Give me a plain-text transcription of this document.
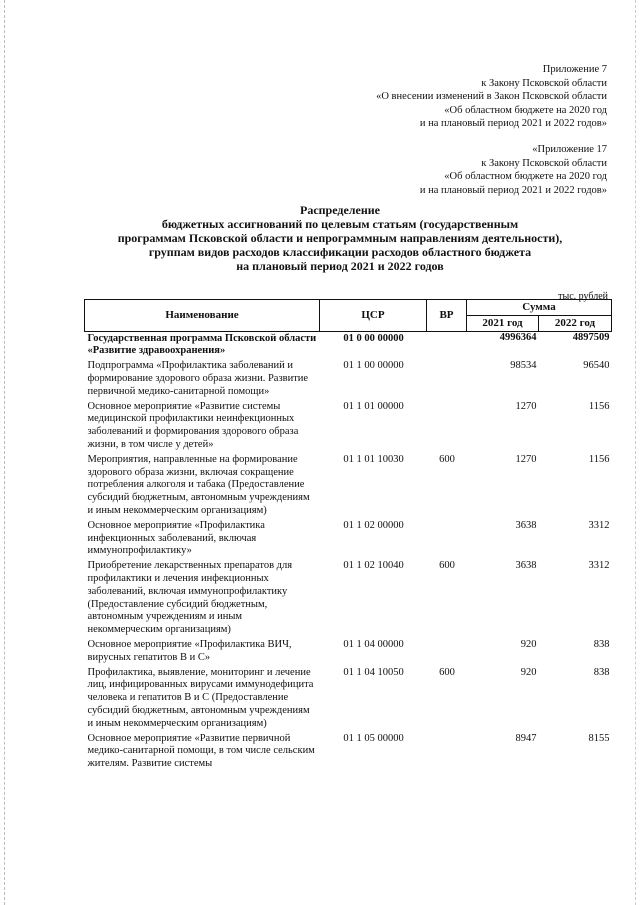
Приложение 7
к Закону Псковской области
«О внесении изменений в Закон Псковской области
«Об областном бюджете на 2020 год
и на плановый период 2021 и 2022 годов»
«Приложение 17
к Закону Псковской области
«Об областном бюджете на 2020 год
и на плановый период 2021 и 2022 годов»
Распределение
бюджетных ассигнований по целевым статьям (государственным
программам Псковской области и непрограммным направлениям деятельности),
группам видов расходов классификации расходов областного бюджета
на плановый период 2021 и 2022 годов
тыс. рублей
Наименование	ЦСР	ВР	Сумма	
			2021 год	2022 год
Государственная программа Псковской области «Развитие здравоохранения»	01 0 00 00000		4996364	4897509
Подпрограмма «Профилактика заболеваний и формирование здорового образа жизни. Развитие первичной медико-санитарной помощи»	01 1 00 00000		98534	96540
Основное мероприятие «Развитие системы медицинской профилактики неинфекционных заболеваний и формирования здорового образа жизни, в том числе у детей»	01 1 01 00000		1270	1156
Мероприятия, направленные на формирование здорового образа жизни, включая сокращение потребления алкоголя и табака (Предоставление субсидий бюджетным, автономным учреждениям и иным некоммерческим организациям)	01 1 01 10030	600	1270	1156
Основное мероприятие «Профилактика инфекционных заболеваний, включая иммунопрофилактику»	01 1 02 00000		3638	3312
Приобретение лекарственных препаратов для профилактики и лечения инфекционных заболеваний, включая иммунопрофилактику (Предоставление субсидий бюджетным, автономным учреждениям и иным некоммерческим организациям)	01 1 02 10040	600	3638	3312
Основное мероприятие «Профилактика ВИЧ, вирусных гепатитов В и С»	01 1 04 00000		920	838
Профилактика, выявление, мониторинг и лечение лиц, инфицированных вирусами иммунодефицита человека и гепатитов В и С (Предоставление субсидий бюджетным, автономным учреждениям и иным некоммерческим организациям)	01 1 04 10050	600	920	838
Основное мероприятие «Развитие первичной медико-санитарной помощи, в том числе сельским жителям. Развитие системы	01 1 05 00000		8947	8155
